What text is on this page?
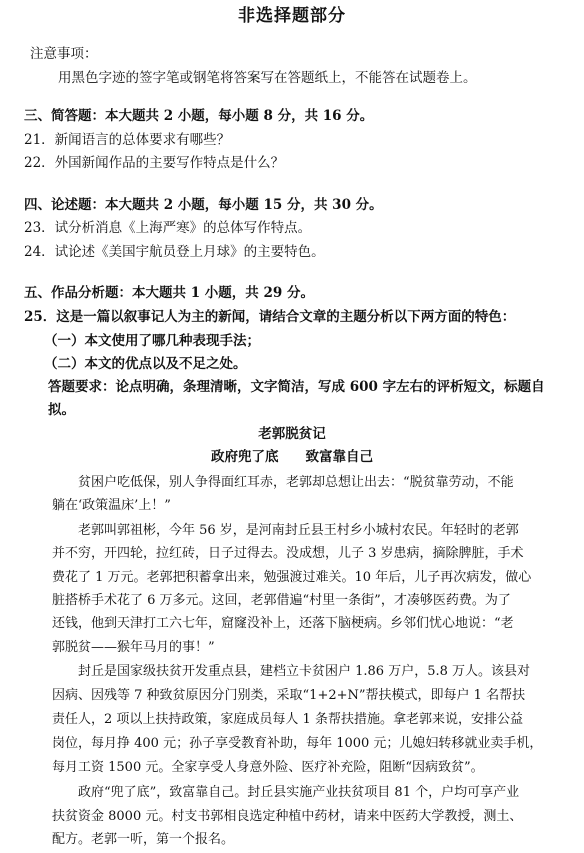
非选择题部分
注意事项：
用黑色字迹的签字笔或钢笔将答案写在答题纸上，不能答在试题卷上。
三、简答题：本大题共 2 小题，每小题 8 分，共 16 分。
21．新闻语言的总体要求有哪些？
22．外国新闻作品的主要写作特点是什么？
四、论述题：本大题共 2 小题，每小题 15 分，共 30 分。
23．试分析消息《上海严寒》的总体写作特点。
24．试论述《美国宇航员登上月球》的主要特色。
五、作品分析题：本大题共 1 小题，共 29 分。
25．这是一篇以叙事记人为主的新闻，请结合文章的主题分析以下两方面的特色：
（一）本文使用了哪几种表现手法；
（二）本文的优点以及不足之处。
答题要求：论点明确，条理清晰，文字简洁，写成 600 字左右的评析短文，标题自
拟。
老郭脱贫记
政府兜了底　　致富靠自己
贫困户吃低保，别人争得面红耳赤，老郭却总想让出去：“脱贫靠劳动，不能
躺在‘政策温床’上！”
老郭叫郭祖彬，今年 56 岁，是河南封丘县王村乡小城村农民。年轻时的老郭
并不穷，开四轮，拉红砖，日子过得去。没成想，儿子 3 岁患病，摘除脾脏，手术
费花了 1 万元。老郭把积蓄拿出来，勉强渡过难关。10 年后，儿子再次病发，做心
脏搭桥手术花了 6 万多元。这回，老郭借遍“村里一条街”，才凑够医药费。为了
还钱，他到天津打工六七年，窟窿没补上，还落下脑梗病。乡邻们忧心地说：“老
郭脱贫——猴年马月的事！”
封丘是国家级扶贫开发重点县，建档立卡贫困户 1.86 万户，5.8 万人。该县对
因病、因残等 7 种致贫原因分门别类，采取“1+2+N”帮扶模式，即每户 1 名帮扶
责任人，2 项以上扶持政策，家庭成员每人 1 条帮扶措施。拿老郭来说，安排公益
岗位，每月挣 400 元；孙子享受教育补助，每年 1000 元；儿媳妇转移就业卖手机，
每月工资 1500 元。全家享受人身意外险、医疗补充险，阻断“因病致贫”。
政府“兜了底”，致富靠自己。封丘县实施产业扶贫项目 81 个，户均可享产业
扶贫资金 8000 元。村支书郭相良选定种植中药材，请来中医药大学教授，测土、
配方。老郭一听，第一个报名。
